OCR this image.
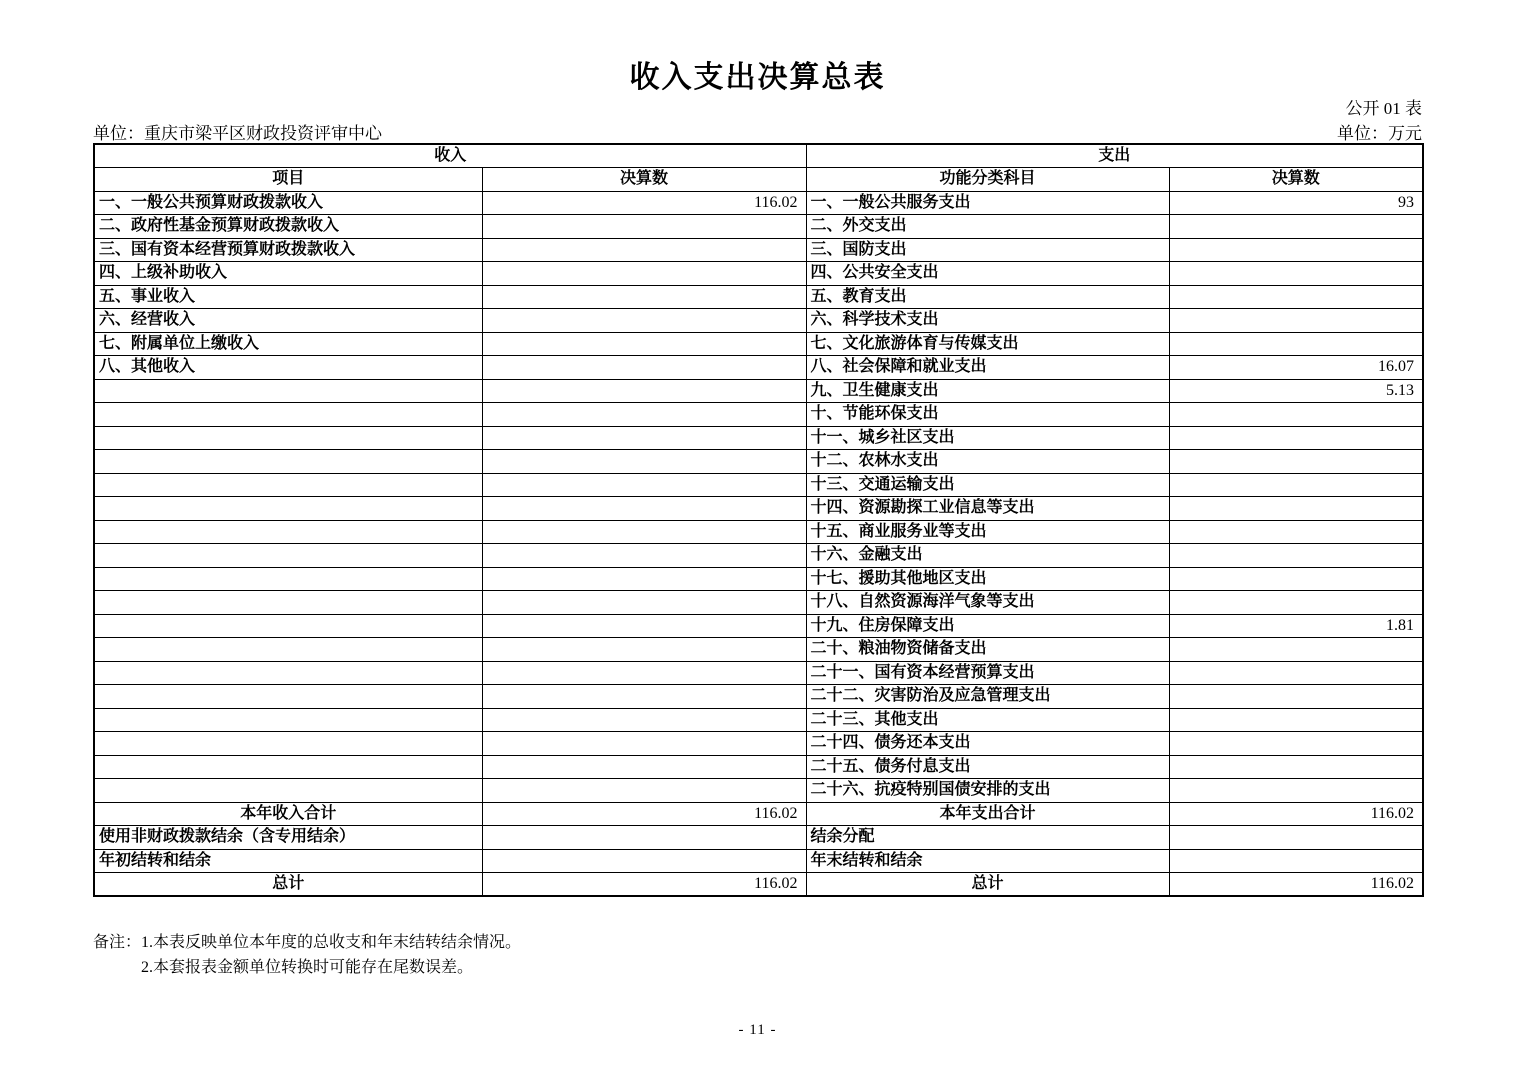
收入支出决算总表
公开 01 表
单位：重庆市梁平区财政投资评审中心	单位：万元
收入		支出	
项目	决算数	功能分类科目	决算数
一、一般公共预算财政拨款收入	116.02	一、一般公共服务支出	93
二、政府性基金预算财政拨款收入		二、外交支出	
三、国有资本经营预算财政拨款收入		三、国防支出	
四、上级补助收入		四、公共安全支出	
五、事业收入		五、教育支出	
六、经营收入		六、科学技术支出	
七、附属单位上缴收入		七、文化旅游体育与传媒支出	
八、其他收入		八、社会保障和就业支出	16.07
		九、卫生健康支出	5.13
		十、节能环保支出	
		十一、城乡社区支出	
		十二、农林水支出	
		十三、交通运输支出	
		十四、资源勘探工业信息等支出	
		十五、商业服务业等支出	
		十六、金融支出	
		十七、援助其他地区支出	
		十八、自然资源海洋气象等支出	
		十九、住房保障支出	1.81
		二十、粮油物资储备支出	
		二十一、国有资本经营预算支出	
		二十二、灾害防治及应急管理支出	
		二十三、其他支出	
		二十四、债务还本支出	
		二十五、债务付息支出	
		二十六、抗疫特别国债安排的支出	
本年收入合计	116.02	本年支出合计	116.02
使用非财政拨款结余（含专用结余）		结余分配	
年初结转和结余		年末结转和结余	
总计	116.02	总计	116.02
备注： 1.本表反映单位本年度的总收支和年末结转结余情况。
2.本套报表金额单位转换时可能存在尾数误差。
- 11 -
